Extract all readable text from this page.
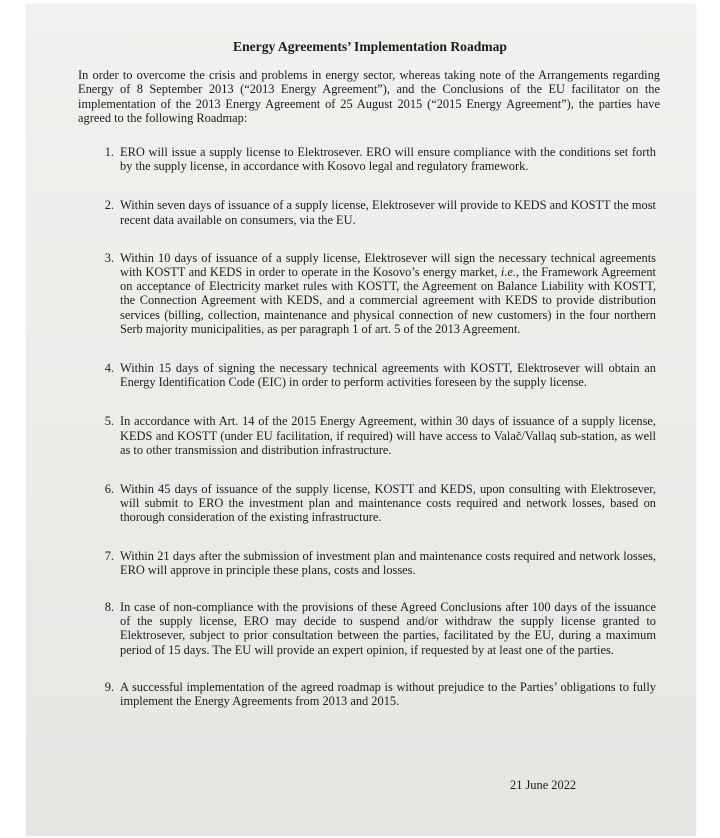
Energy Agreements’ Implementation Roadmap
In order to overcome the crisis and problems in energy sector, whereas taking note of the Arrangements regarding Energy of 8 September 2013 (“2013 Energy Agreement”), and the Conclusions of the EU facilitator on the implementation of the 2013 Energy Agreement of 25 August 2015 (“2015 Energy Agreement”), the parties have agreed to the following Roadmap:
1. ERO will issue a supply license to Elektrosever. ERO will ensure compliance with the conditions set forth by the supply license, in accordance with Kosovo legal and regulatory framework.
2. Within seven days of issuance of a supply license, Elektrosever will provide to KEDS and KOSTT the most recent data available on consumers, via the EU.
3. Within 10 days of issuance of a supply license, Elektrosever will sign the necessary technical agreements with KOSTT and KEDS in order to operate in the Kosovo’s energy market, i.e., the Framework Agreement on acceptance of Electricity market rules with KOSTT, the Agreement on Balance Liability with KOSTT, the Connection Agreement with KEDS, and a commercial agreement with KEDS to provide distribution services (billing, collection, maintenance and physical connection of new customers) in the four northern Serb majority municipalities, as per paragraph 1 of art. 5 of the 2013 Agreement.
4. Within 15 days of signing the necessary technical agreements with KOSTT, Elektrosever will obtain an Energy Identification Code (EIC) in order to perform activities foreseen by the supply license.
5. In accordance with Art. 14 of the 2015 Energy Agreement, within 30 days of issuance of a supply license, KEDS and KOSTT (under EU facilitation, if required) will have access to Valač/Vallaq sub-station, as well as to other transmission and distribution infrastructure.
6. Within 45 days of issuance of the supply license, KOSTT and KEDS, upon consulting with Elektrosever, will submit to ERO the investment plan and maintenance costs required and network losses, based on thorough consideration of the existing infrastructure.
7. Within 21 days after the submission of investment plan and maintenance costs required and network losses, ERO will approve in principle these plans, costs and losses.
8. In case of non-compliance with the provisions of these Agreed Conclusions after 100 days of the issuance of the supply license, ERO may decide to suspend and/or withdraw the supply license granted to Elektrosever, subject to prior consultation between the parties, facilitated by the EU, during a maximum period of 15 days. The EU will provide an expert opinion, if requested by at least one of the parties.
9. A successful implementation of the agreed roadmap is without prejudice to the Parties’ obligations to fully implement the Energy Agreements from 2013 and 2015.
21 June 2022
